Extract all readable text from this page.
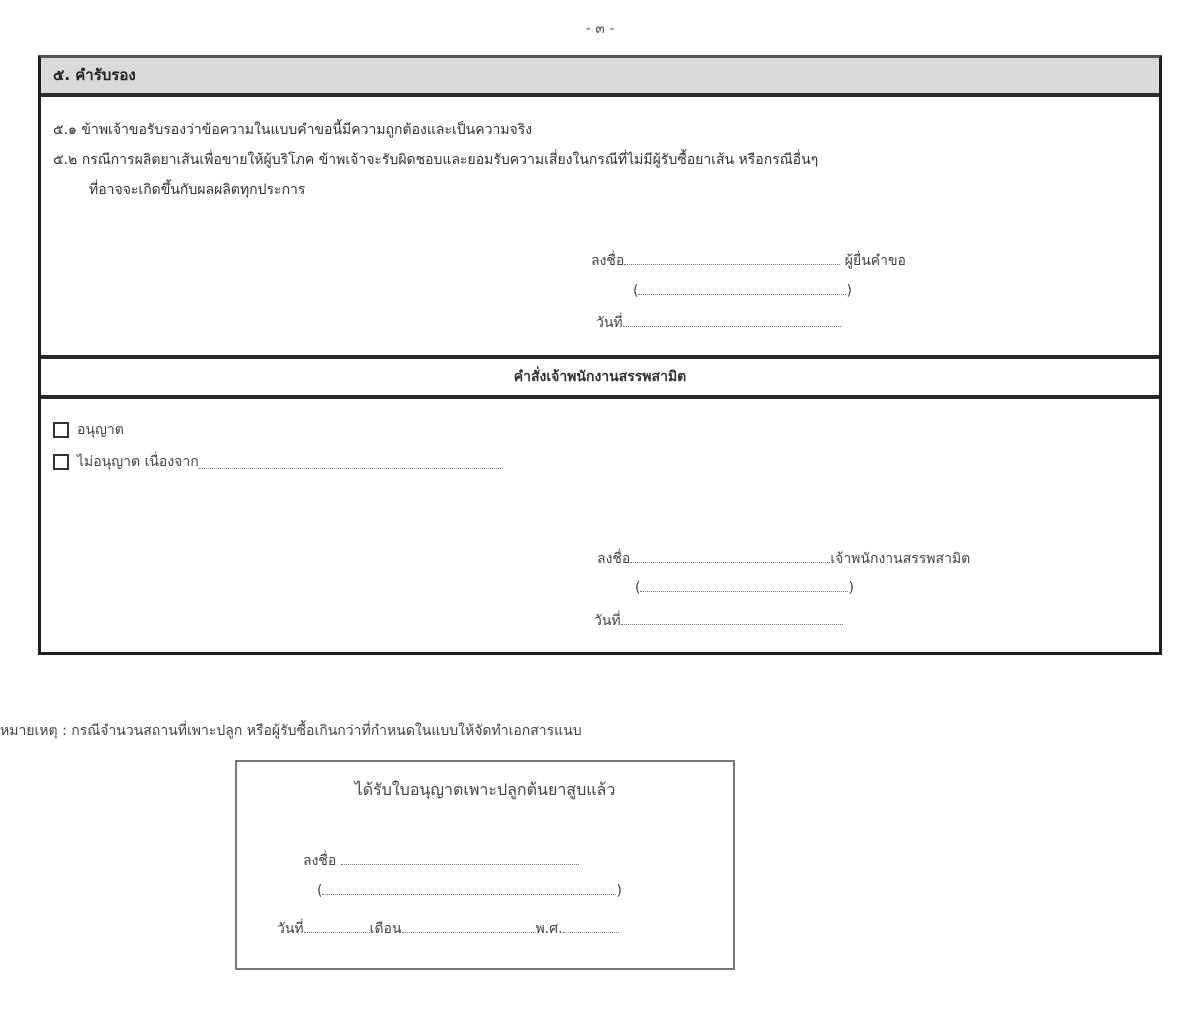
- ๓ -
๕. คำรับรอง
๕.๑ ข้าพเจ้าขอรับรองว่าข้อความในแบบคำขอนี้มีความถูกต้องและเป็นความจริง
๕.๒ กรณีการผลิตยาเส้นเพื่อขายให้ผู้บริโภค ข้าพเจ้าจะรับผิดชอบและยอมรับความเสี่ยงในกรณีที่ไม่มีผู้รับซื้อยาเส้น หรือกรณีอื่นๆ
ที่อาจจะเกิดขึ้นกับผลผลิตทุกประการ
ลงชื่อ	ผู้ยื่นคำขอ
(	)
วันที่
คำสั่งเจ้าพนักงานสรรพสามิต
อนุญาต
ไม่อนุญาต เนื่องจาก
ลงชื่อ	เจ้าพนักงานสรรพสามิต
(	)
วันที่
หมายเหตุ : กรณีจำนวนสถานที่เพาะปลูก หรือผู้รับซื้อเกินกว่าที่กำหนดในแบบให้จัดทำเอกสารแนบ
ได้รับใบอนุญาตเพาะปลูกต้นยาสูบแล้ว
ลงชื่อ
(	)
วันที่	เดือน	พ.ศ.
